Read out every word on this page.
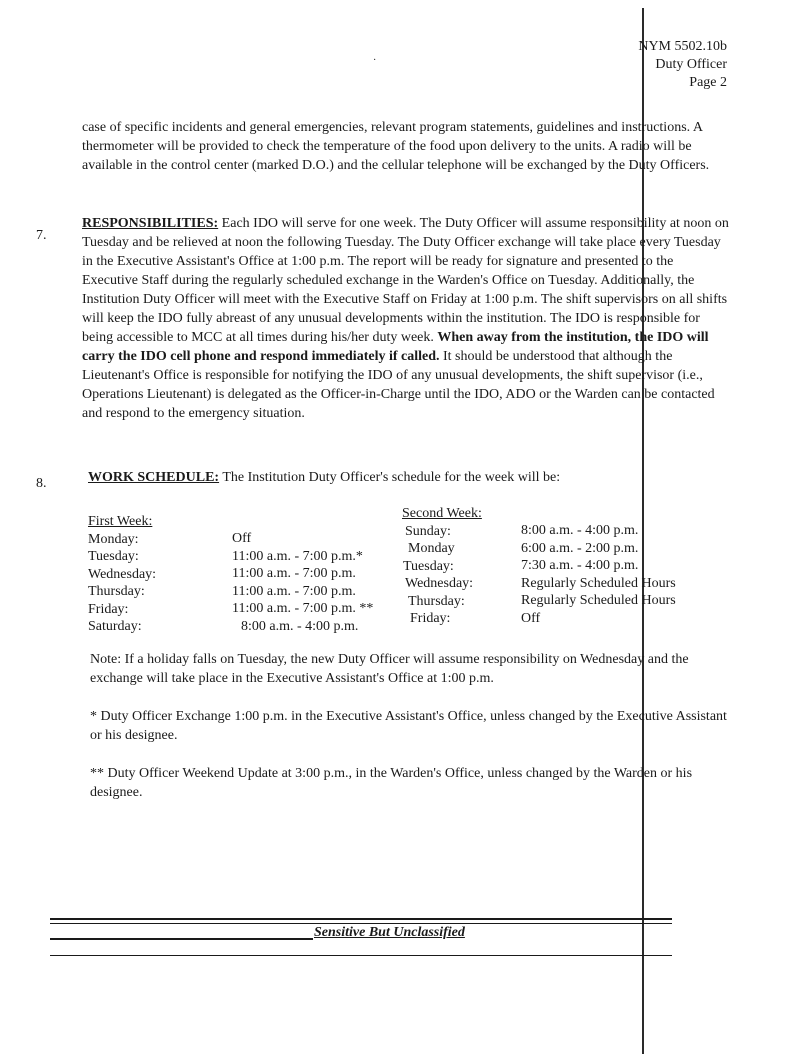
·
NYM 5502.10b
Duty Officer
Page 2
case of specific incidents and general emergencies, relevant program statements, guidelines and instructions. A thermometer will be provided to check the temperature of the food upon delivery to the units. A radio will be available in the control center (marked D.O.) and the cellular telephone will be exchanged by the Duty Officers.
7.
RESPONSIBILITIES: Each IDO will serve for one week. The Duty Officer will assume responsibility at noon on Tuesday and be relieved at noon the following Tuesday. The Duty Officer exchange will take place every Tuesday in the Executive Assistant's Office at 1:00 p.m. The report will be ready for signature and presented to the Executive Staff during the regularly scheduled exchange in the Warden's Office on Tuesday. Additionally, the Institution Duty Officer will meet with the Executive Staff on Friday at 1:00 p.m. The shift supervisors on all shifts will keep the IDO fully abreast of any unusual developments within the institution. The IDO is responsible for being accessible to MCC at all times during his/her duty week. When away from the institution, the IDO will carry the IDO cell phone and respond immediately if called. It should be understood that although the Lieutenant's Office is responsible for notifying the IDO of any unusual developments, the shift supervisor (i.e., Operations Lieutenant) is delegated as the Officer-in-Charge until the IDO, ADO or the Warden can be contacted and respond to the emergency situation.
8.	WORK SCHEDULE: The Institution Duty Officer's schedule for the week will be:
First Week:
Monday:
Tuesday:
Wednesday:
Thursday:
Friday:
Saturday:
Off
11:00 a.m. - 7:00 p.m.*
11:00 a.m. - 7:00 p.m.
11:00 a.m. - 7:00 p.m.
11:00 a.m. - 7:00 p.m. **
8:00 a.m. - 4:00 p.m.
Second Week:
Sunday:
Monday
Tuesday:
Wednesday:
Thursday:
Friday:
8:00 a.m. - 4:00 p.m.
6:00 a.m. - 2:00 p.m.
7:30 a.m. - 4:00 p.m.
Regularly Scheduled Hours
Regularly Scheduled Hours
Off
Note: If a holiday falls on Tuesday, the new Duty Officer will assume responsibility on Wednesday and the exchange will take place in the Executive Assistant's Office at 1:00 p.m.
* Duty Officer Exchange 1:00 p.m. in the Executive Assistant's Office, unless changed by the Executive Assistant or his designee.
** Duty Officer Weekend Update at 3:00 p.m., in the Warden's Office, unless changed by the Warden or his designee.
Sensitive But Unclassified
